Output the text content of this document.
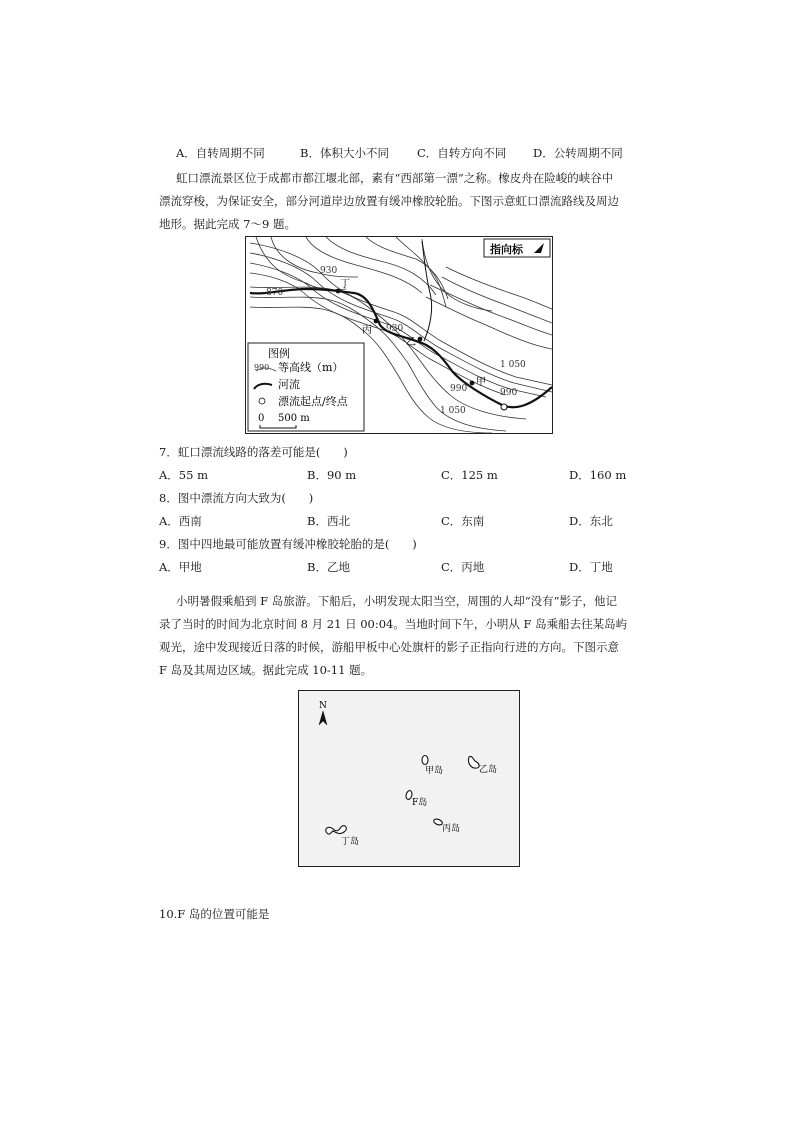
A．自转周期不同	B．体积大小不同 C．自转方向不同 D．公转周期不同
虹口漂流景区位于成都市都江堰北部，素有“西部第一漂”之称。橡皮舟在险峻的峡谷中
漂流穿梭，为保证安全，部分河道岸边放置有缓冲橡胶轮胎。下图示意虹口漂流路线及周边
地形。据此完成 7～9 题。
丁
丙
乙
甲
930
870
930
1 050
990	990
1 050
指向标
图例
990 等高线（m）
河流
漂流起点/终点
0 500 m
7．虹口漂流线路的落差可能是(　　)
A．55 m	B．90 m	C．125 m	D．160 m
8．图中漂流方向大致为(　　)
A．西南	B．西北	C．东南	D．东北
9．图中四地最可能放置有缓冲橡胶轮胎的是(　　)
A．甲地	B．乙地	C．丙地	D．丁地
小明暑假乘船到 F 岛旅游。下船后，小明发现太阳当空，周围的人却“没有”影子，他记
录了当时的时间为北京时间 8 月 21 日 00:04。当地时间下午，小明从 F 岛乘船去往某岛屿
观光，途中发现接近日落的时候，游船甲板中心处旗杆的影子正指向行进的方向。下图示意
F 岛及其周边区域。据此完成 10-11 题。
N
甲岛	乙岛
F岛
丙岛
丁岛
10.F 岛的位置可能是
